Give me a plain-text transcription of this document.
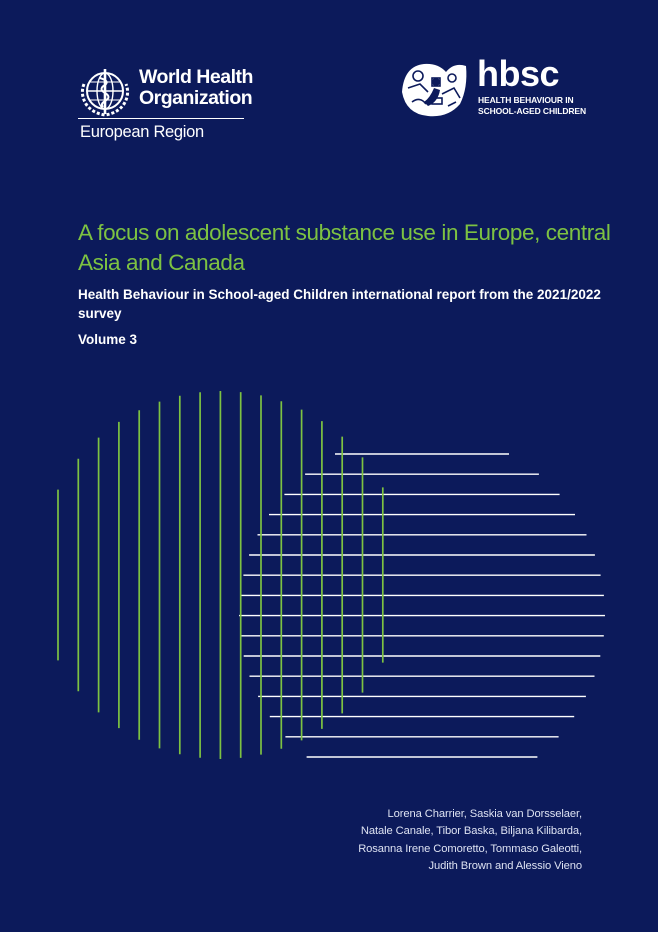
World Health
Organization
European Region
hbsc
HEALTH BEHAVIOUR IN
SCHOOL-AGED CHILDREN
A focus on adolescent substance use in Europe, central Asia and Canada
Health Behaviour in School-aged Children international report from the 2021/2022 survey
Volume 3
Lorena Charrier, Saskia van Dorsselaer,
Natale Canale, Tibor Baska, Biljana Kilibarda,
Rosanna Irene Comoretto, Tommaso Galeotti,
Judith Brown and Alessio Vieno
